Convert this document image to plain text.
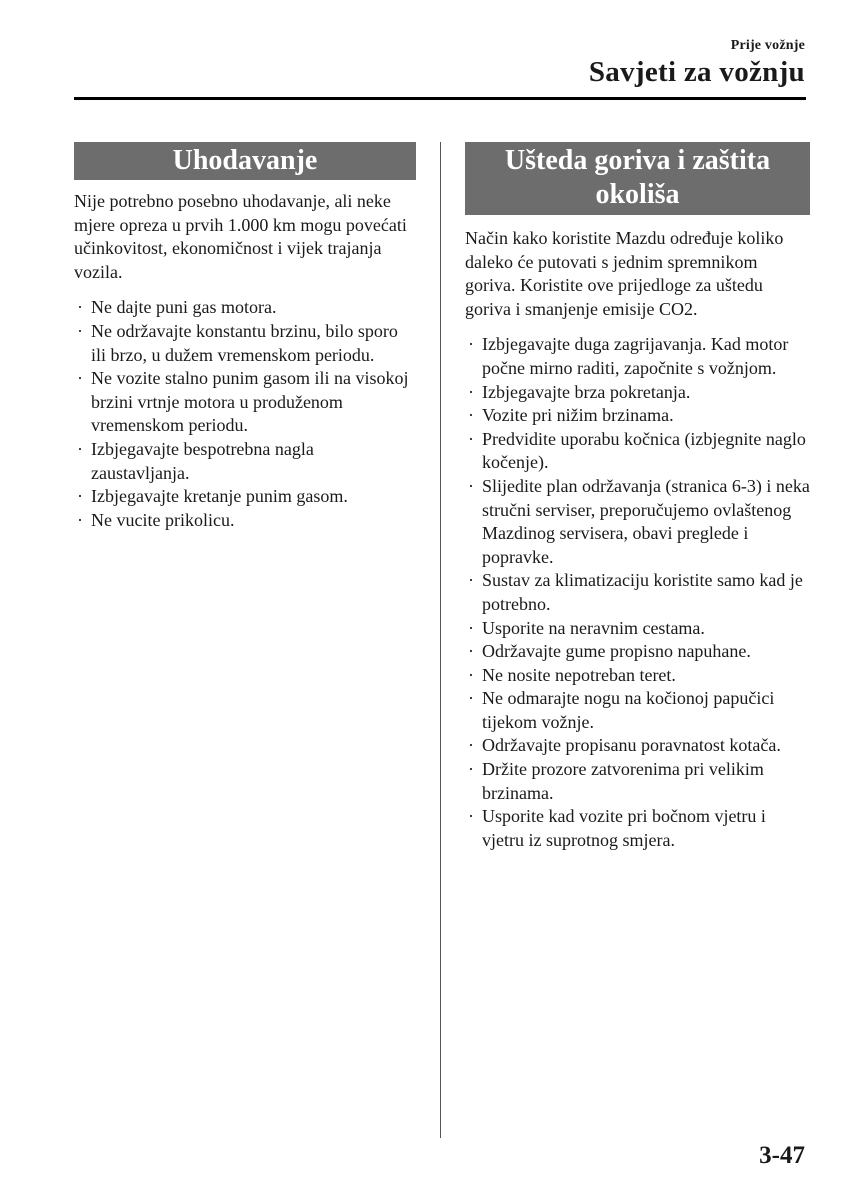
Prije vožnje
Savjeti za vožnju
Uhodavanje

Nije potrebno posebno uhodavanje, ali neke mjere opreza u prvih 1.000 km mogu povećati učinkovitost, ekonomičnost i vijek trajanja vozila.

· Ne dajte puni gas motora.
· Ne održavajte konstantu brzinu, bilo sporo ili brzo, u dužem vremenskom periodu.
· Ne vozite stalno punim gasom ili na visokoj brzini vrtnje motora u produženom vremenskom periodu.
· Izbjegavajte bespotrebna nagla zaustavljanja.
· Izbjegavajte kretanje punim gasom.
· Ne vucite prikolicu.
Ušteda goriva i zaštita okoliša

Način kako koristite Mazdu određuje koliko daleko će putovati s jednim spremnikom goriva. Koristite ove prijedloge za uštedu goriva i smanjenje emisije CO2.

· Izbjegavajte duga zagrijavanja. Kad motor počne mirno raditi, započnite s vožnjom.
· Izbjegavajte brza pokretanja.
· Vozite pri nižim brzinama.
· Predvidite uporabu kočnica (izbjegnite naglo kočenje).
· Slijedite plan održavanja (stranica 6-3) i neka stručni serviser, preporučujemo ovlaštenog Mazdinog servisera, obavi preglede i popravke.
· Sustav za klimatizaciju koristite samo kad je potrebno.
· Usporite na neravnim cestama.
· Održavajte gume propisno napuhane.
· Ne nosite nepotreban teret.
· Ne odmarajte nogu na kočionoj papučici tijekom vožnje.
· Održavajte propisanu poravnatost kotača.
· Držite prozore zatvorenima pri velikim brzinama.
· Usporite kad vozite pri bočnom vjetru i vjetru iz suprotnog smjera.
3-47
